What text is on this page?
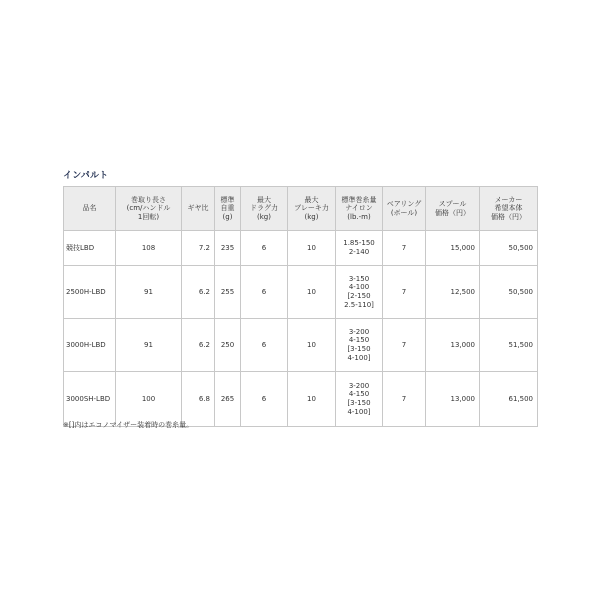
インパルト
品名	巻取り長さ
(cm/ハンドル
1回転)	ギヤ比	標準
自重
(g)	最大
ドラグ力
(kg)	最大
ブレーキ力
(kg)	標準巻糸量
ナイロン
(lb.-m)	ベアリング
(ボール)	スプール
価格（円）	メーカー
希望本体
価格（円）
競技LBD	108	7.2	235	6	10	1.85-150
2-140	7	15,000	50,500
2500H-LBD	91	6.2	255	6	10	3-150
4-100
[2-150
2.5-110]	7	12,500	50,500
3000H-LBD	91	6.2	250	6	10	3-200
4-150
[3-150
4-100]	7	13,000	51,500
3000SH-LBD	100	6.8	265	6	10	3-200
4-150
[3-150
4-100]	7	13,000	61,500
※[]内はエコノマイザー装着時の巻糸量。
